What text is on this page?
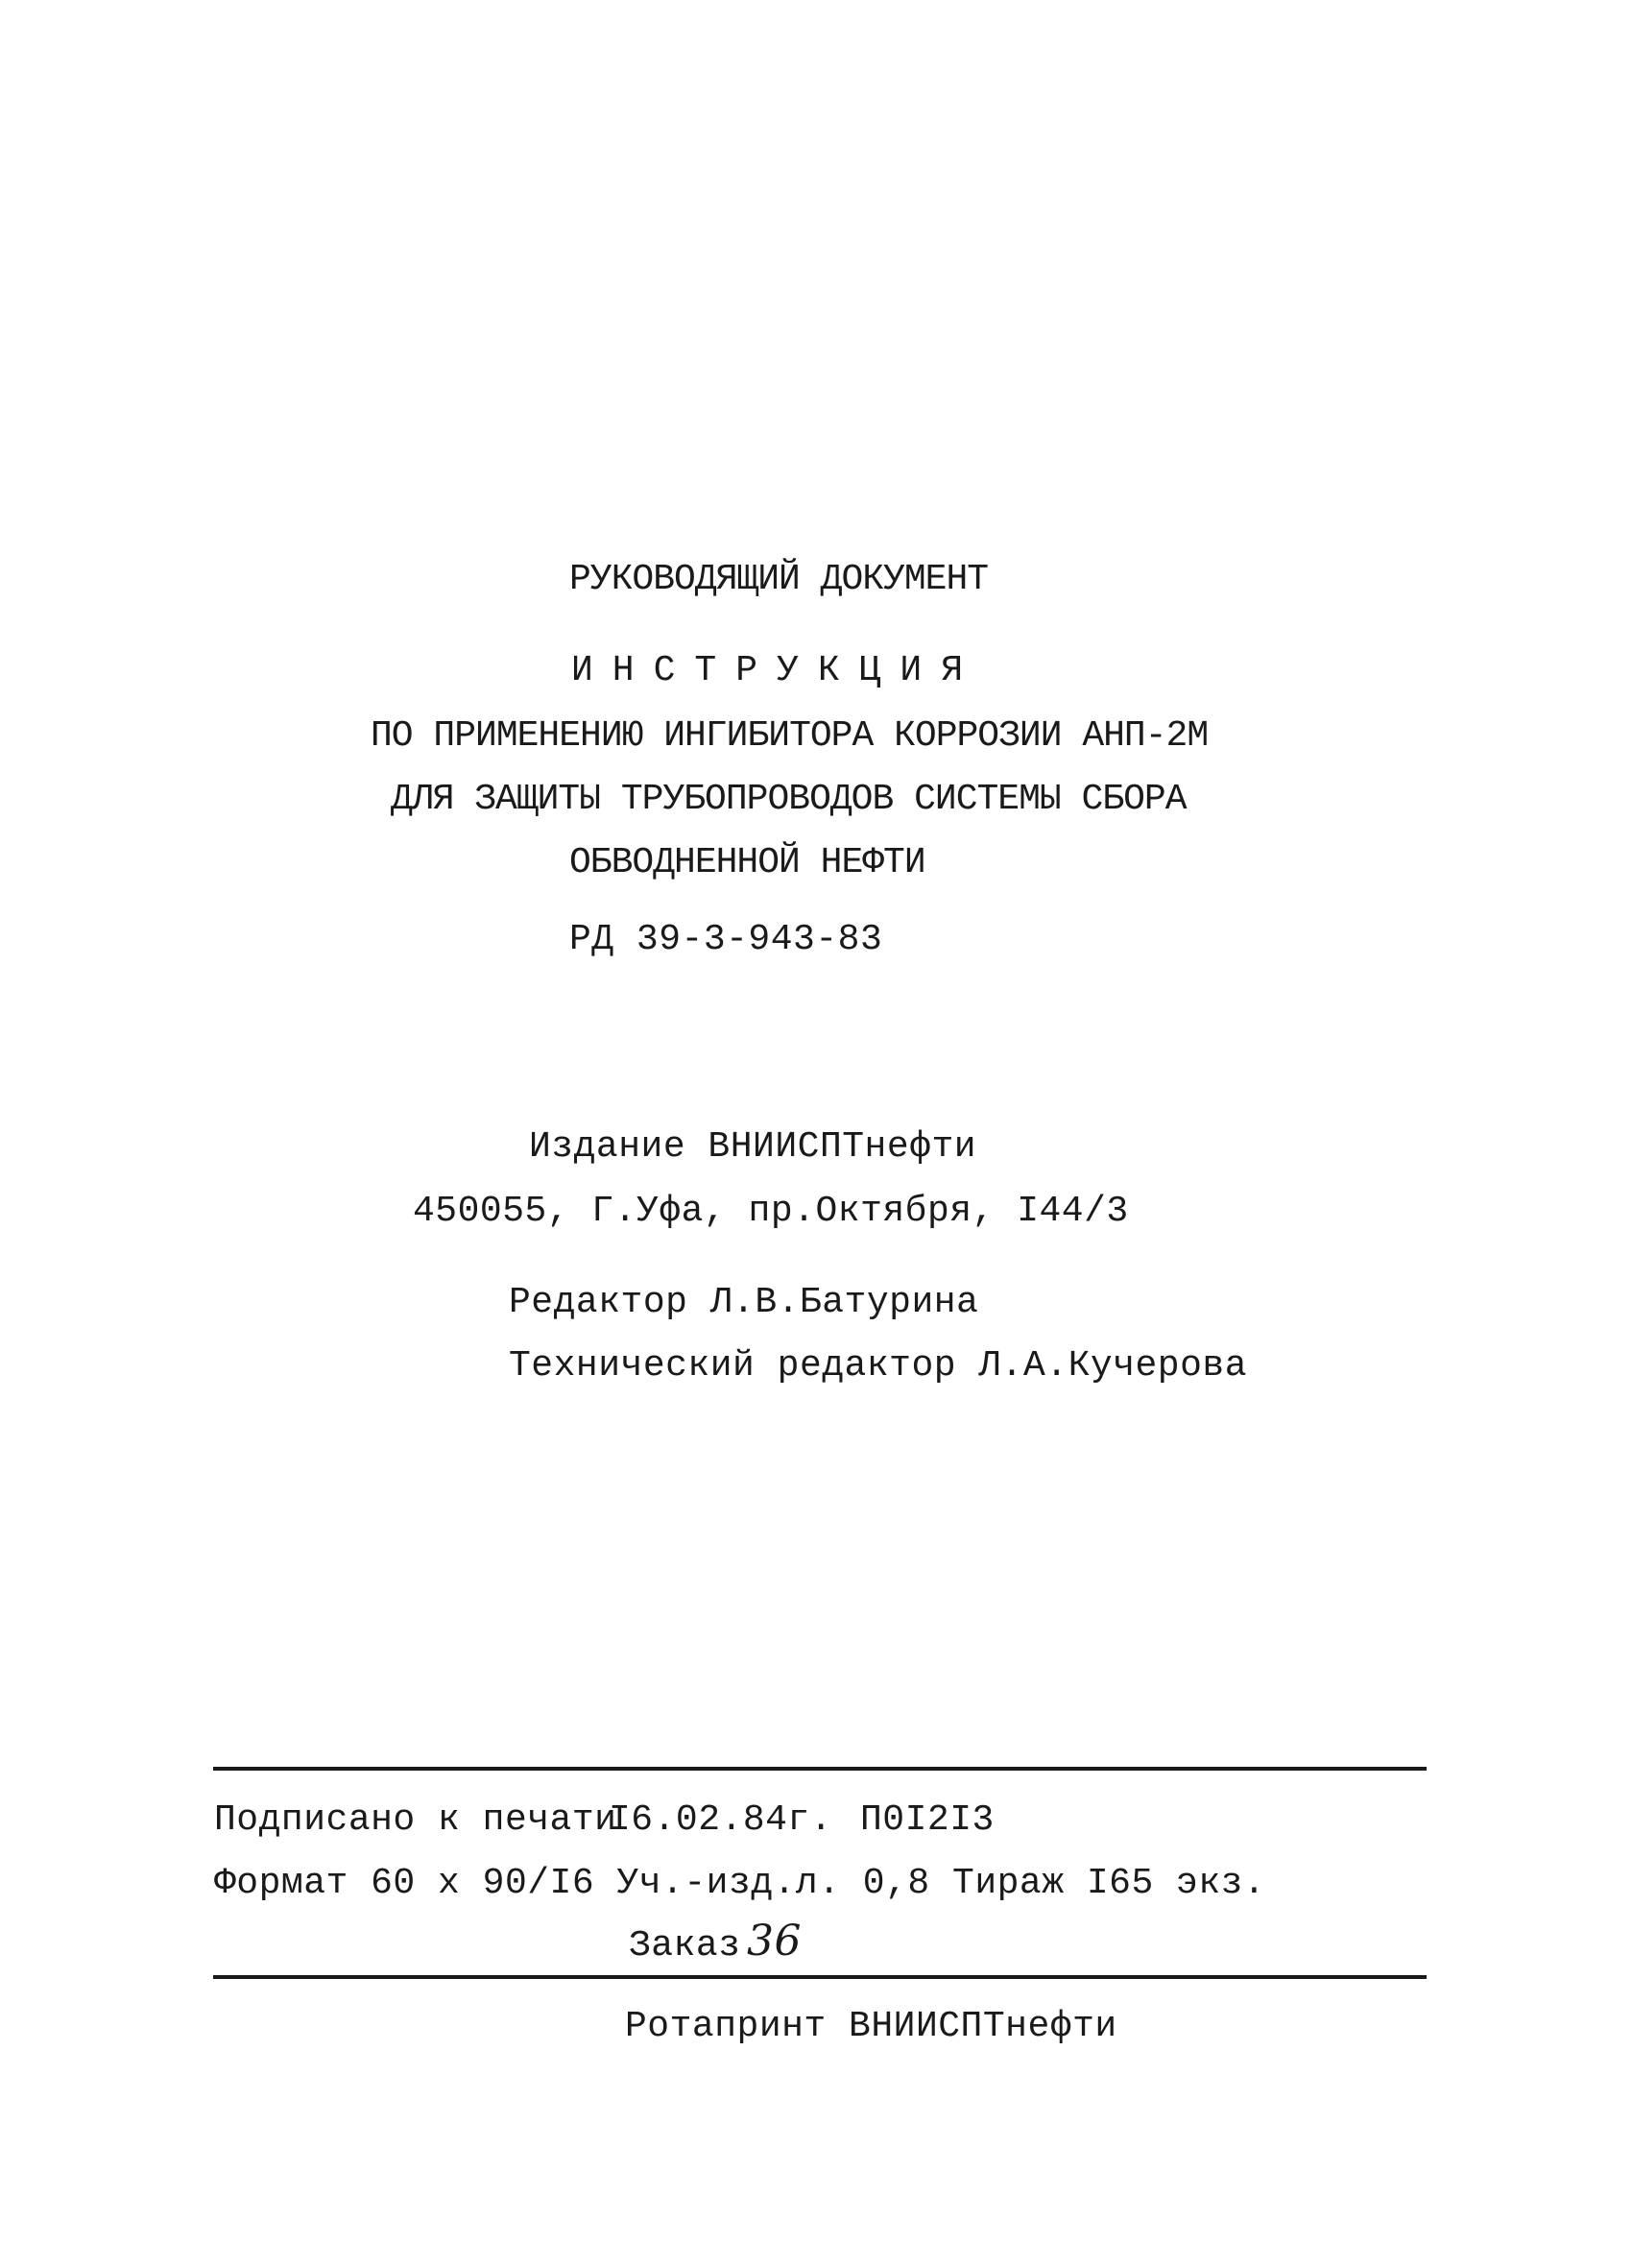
РУКОВОДЯЩИЙ ДОКУМЕНТ
ИНСТРУКЦИЯ
ПО ПРИМЕНЕНИЮ ИНГИБИТОРА КОРРОЗИИ АНП-2М
ДЛЯ ЗАЩИТЫ ТРУБОПРОВОДОВ СИСТЕМЫ СБОРА
ОБВОДНЕННОЙ НЕФТИ
РД 39-3-943-83
Издание ВНИИСПТнефти
450055, Г.Уфа, пр.Октября, I44/3
Редактор Л.В.Батурина
Технический редактор Л.А.Кучерова
Подписано к печати
I6.02.84г. П0I2I3
Формат 60 х 90/I6 Уч.-изд.л. 0,8 Тираж I65 экз.
Заказ 36
Ротапринт ВНИИСПТнефти
